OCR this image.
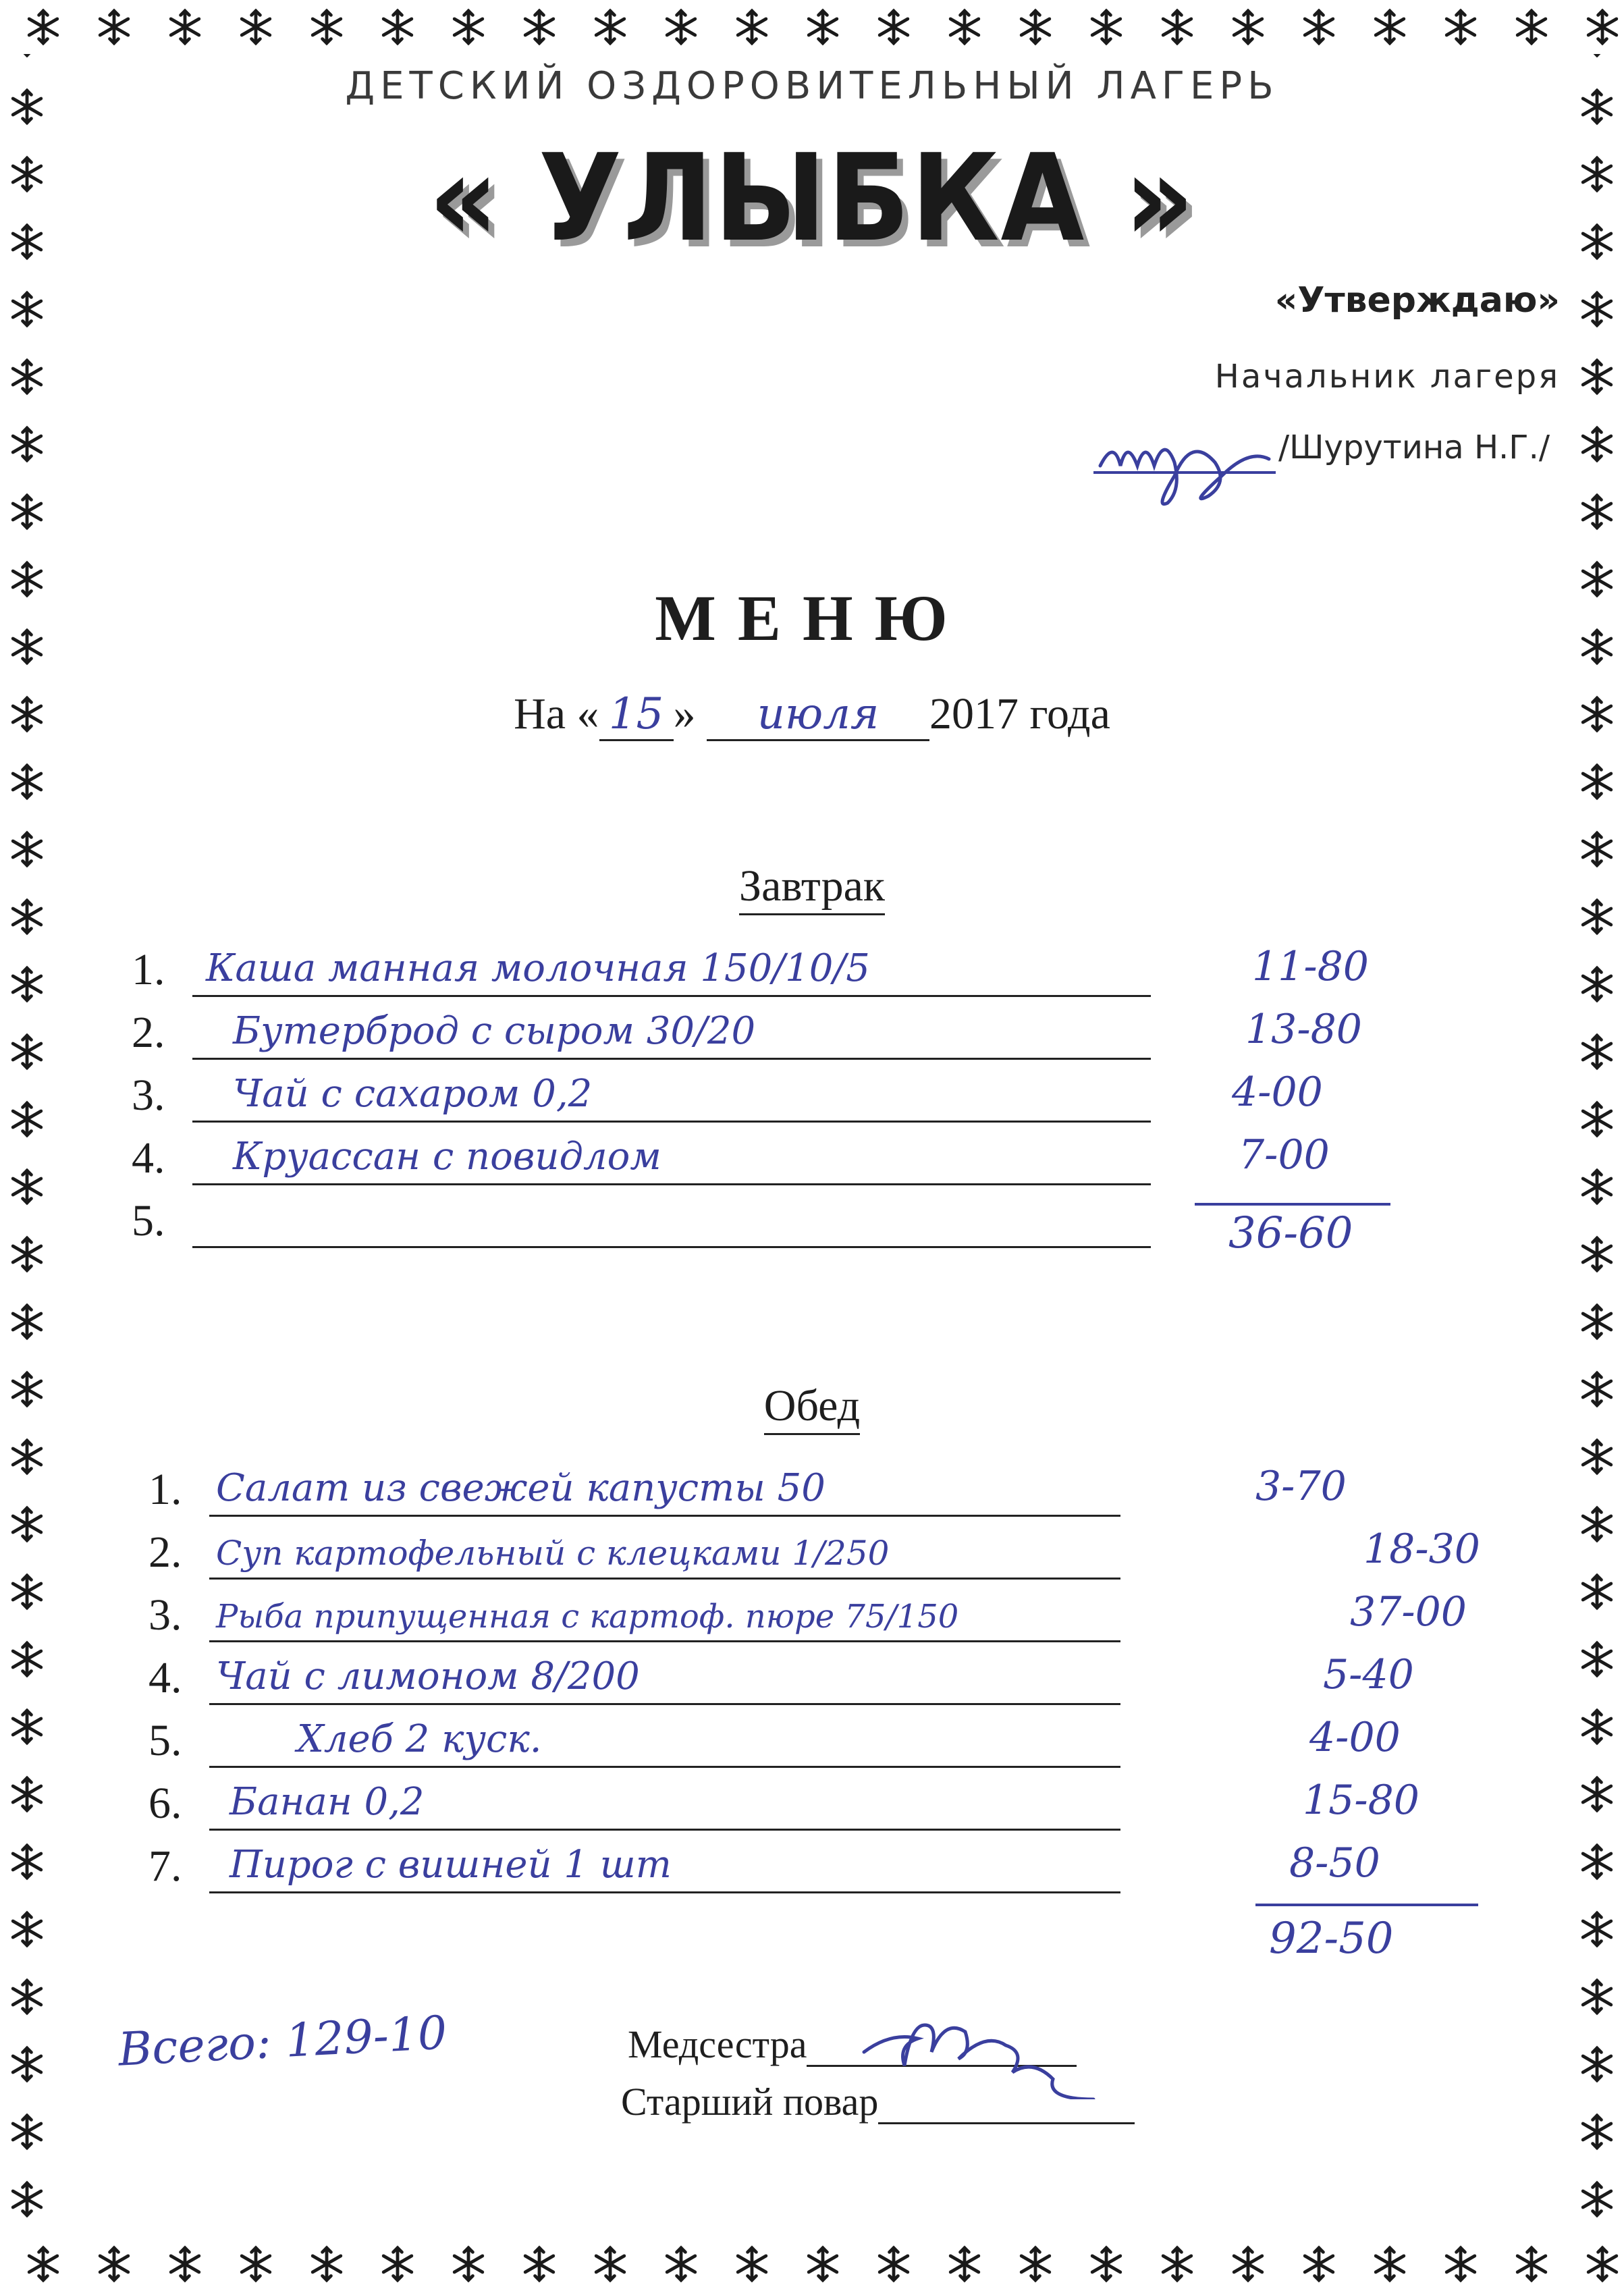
ДЕТСКИЙ ОЗДОРОВИТЕЛЬНЫЙ ЛАГЕРЬ
« УЛЫБКА »
«Утверждаю»
Начальник лагеря
/Шурутина Н.Г./
МЕНЮ
На « 15 » июля 2017 года
Завтрак
1. Каша манная молочная 150/10/5	11-80
2. Бутерброд с сыром 30/20	13-80
3. Чай с сахаром 0,2	4-00
4. Круассан с повидлом	7-00
5.	36-60
Обед
1. Салат из свежей капусты 50	3-70
2. Суп картофельный с клецками 1/250	18-30
3. Рыба припущенная с картоф. пюре 75/150	37-00
4. Чай с лимоном 8/200	5-40
5.	Хлеб 2 куск.	4-00
6. Банан 0,2	15-80
7. Пирог с вишней 1 шт	8-50
92-50
Всего: 129-10	Медсестра
Старший повар
